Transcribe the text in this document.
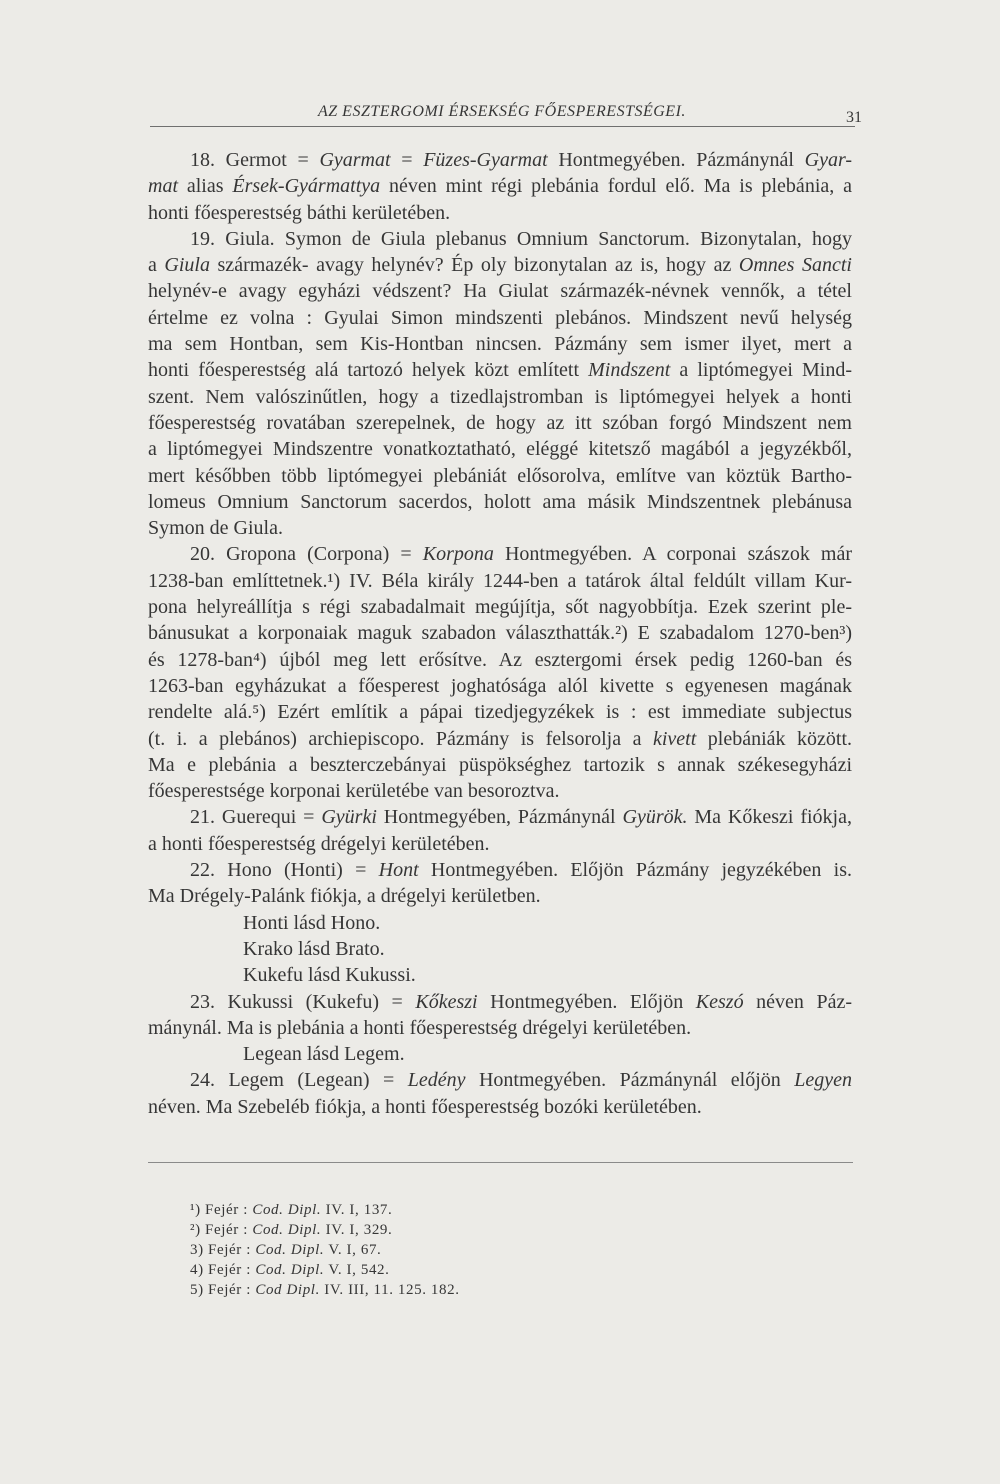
AZ ESZTERGOMI ÉRSEKSÉG FŐESPERESTSÉGEI.	31
18. Germot = Gyarmat = Füzes-Gyarmat Hontmegyében. Pázmánynál Gyar-
mat alias Érsek-Gyármattya néven mint régi plebánia fordul elő. Ma is plebánia, a
honti főesperestség báthi kerületében.
19. Giula. Symon de Giula plebanus Omnium Sanctorum. Bizonytalan, hogy
a Giula származék- avagy helynév? Ép oly bizonytalan az is, hogy az Omnes Sancti
helynév-e avagy egyházi védszent? Ha Giulat származék-névnek vennők, a tétel
értelme ez volna : Gyulai Simon mindszenti plebános. Mindszent nevű helység
ma sem Hontban, sem Kis-Hontban nincsen. Pázmány sem ismer ilyet, mert a
honti főesperestség alá tartozó helyek közt említett Mindszent a liptómegyei Mind-
szent. Nem valószinűtlen, hogy a tizedlajstromban is liptómegyei helyek a honti
főesperestség rovatában szerepelnek, de hogy az itt szóban forgó Mindszent nem
a liptómegyei Mindszentre vonatkoztatható, eléggé kitetsző magából a jegyzékből,
mert későbben több liptómegyei plebániát elősorolva, említve van köztük Bartho-
lomeus Omnium Sanctorum sacerdos, holott ama másik Mindszentnek plebánusa
Symon de Giula.
20. Gropona (Corpona) = Korpona Hontmegyében. A corponai szászok már
1238-ban említtetnek.¹) IV. Béla király 1244-ben a tatárok által feldúlt villam Kur-
pona helyreállítja s régi szabadalmait megújítja, sőt nagyobbítja. Ezek szerint ple-
bánusukat a korponaiak maguk szabadon választhatták.²) E szabadalom 1270-ben³)
és 1278-ban⁴) újból meg lett erősítve. Az esztergomi érsek pedig 1260-ban és
1263-ban egyházukat a főesperest joghatósága alól kivette s egyenesen magának
rendelte alá.⁵) Ezért említik a pápai tizedjegyzékek is : est immediate subjectus
(t. i. a plebános) archiepiscopo. Pázmány is felsorolja a kivett plebániák között.
Ma e plebánia a beszterczebányai püspökséghez tartozik s annak székesegyházi
főesperestsége korponai kerületébe van besoroztva.
21. Guerequi = Gyürki Hontmegyében, Pázmánynál Gyürök. Ma Kőkeszi fiókja,
a honti főesperestség drégelyi kerületében.
22. Hono (Honti) = Hont Hontmegyében. Előjön Pázmány jegyzékében is.
Ma Drégely-Palánk fiókja, a drégelyi kerületben.
Honti lásd Hono.
Krako lásd Brato.
Kukefu lásd Kukussi.
23. Kukussi (Kukefu) = Kőkeszi Hontmegyében. Előjön Keszó néven Páz-
mánynál. Ma is plebánia a honti főesperestség drégelyi kerületében.
Legean lásd Legem.
24. Legem (Legean) = Ledény Hontmegyében. Pázmánynál előjön Legyen
néven. Ma Szebeléb fiókja, a honti főesperestség bozóki kerületében.
¹) Fejér : Cod. Dipl. IV. I, 137.
²) Fejér : Cod. Dipl. IV. I, 329.
3) Fejér : Cod. Dipl. V. I, 67.
4) Fejér : Cod. Dipl. V. I, 542.
5) Fejér : Cod Dipl. IV. III, 11. 125. 182.
